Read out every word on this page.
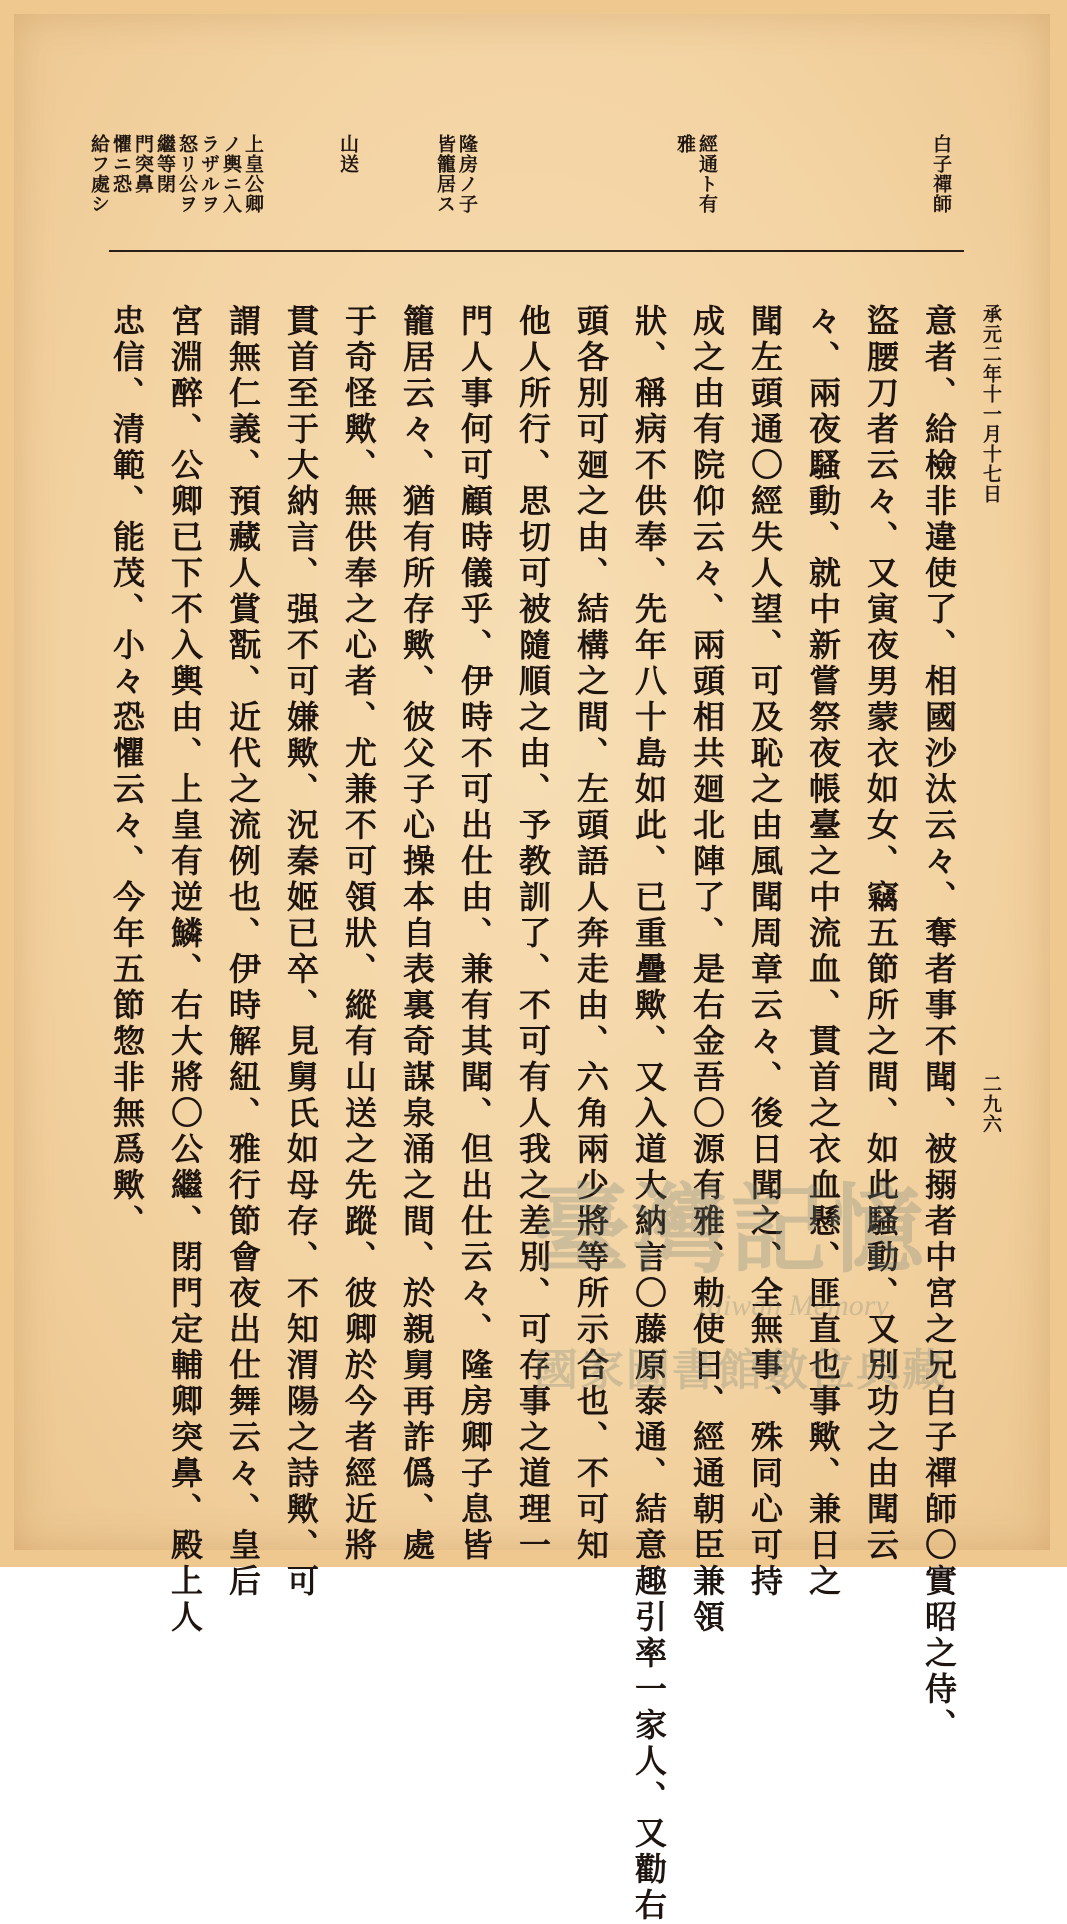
白子禪師
經通ト有
雅
隆房ノ子
皆籠居ス
山送
上皇公卿
ノ輿ニ入
ラザルヲ
怒リ公ヲ
繼等閉
門突鼻
懼ニ恐
給フ處シ
承元二年十一月十七日
二九六
意者、給檢非違使了、相國沙汰云々、奪者事不聞、被搦者中宮之兄白子禪師〇實昭之侍、
盜腰刀者云々、又寅夜男蒙衣如女、竊五節所之間、如此騷動、又別功之由聞云
々、兩夜騷動、就中新嘗祭夜帳臺之中流血、貫首之衣血懸、匪直也事歟、兼日之
聞左頭通〇經失人望、可及恥之由風聞周章云々、後日聞之、全無事、殊同心可持
成之由有院仰云々、兩頭相共廻北陣了、是右金吾〇源有雅、勅使日、經通朝臣兼領
狀、稱病不供奉、先年八十島如此、已重疊歟、又入道大納言〇藤原泰通、結意趣引率一家人、又勸右
頭各別可廻之由、結構之間、左頭語人奔走由、六角兩少將等所示合也、不可知
他人所行、思切可被隨順之由、予教訓了、不可有人我之差別、可存事之道理一
門人事何可顧時儀乎、伊時不可出仕由、兼有其聞、但出仕云々、隆房卿子息皆
籠居云々、猶有所存歟、彼父子心操本自表裏奇謀泉涌之間、於親舅再詐僞、處
于奇怪歟、無供奉之心者、尤兼不可領狀、縱有山送之先蹤、彼卿於今者經近將
貫首至于大納言、强不可嫌歟、況秦姬已卒、見舅氏如母存、不知渭陽之詩歟、可
謂無仁義、預藏人賞翫、近代之流例也、伊時解紐、雅行節會夜出仕舞云々、皇后
宮淵醉、公卿已下不入輿由、上皇有逆鱗、右大將〇公繼、閉門定輔卿突鼻、殿上人
忠信、清範、能茂、小々恐懼云々、今年五節惣非無爲歟、	臺灣記憶
Taiwan Memory
國家圖書館數位典藏
